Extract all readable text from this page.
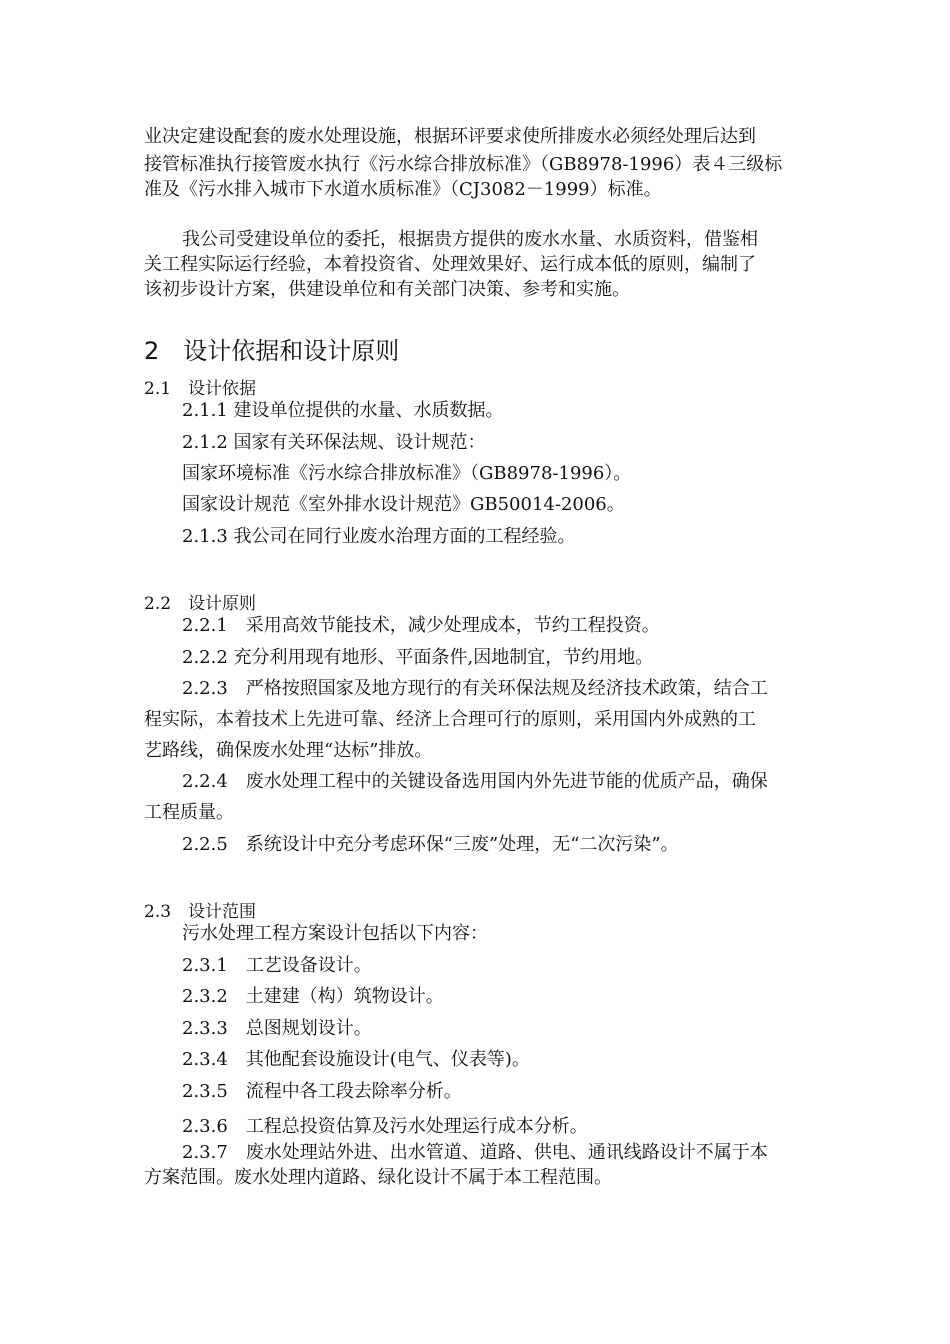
业决定建设配套的废水处理设施，根据环评要求使所排废水必须经处理后达到
接管标准执行接管废水执行《污水综合排放标准》（GB8978-1996）表４三级标
准及《污水排入城市下水道水质标准》（CJ3082－1999）标准。
我公司受建设单位的委托，根据贵方提供的废水水量、水质资料，借鉴相
关工程实际运行经验，本着投资省、处理效果好、运行成本低的原则，编制了
该初步设计方案，供建设单位和有关部门决策、参考和实施。
2　设计依据和设计原则
2.1　设计依据
2.1.1 建设单位提供的水量、水质数据。
2.1.2 国家有关环保法规、设计规范：
国家环境标准《污水综合排放标准》（GB8978-1996）。
国家设计规范《室外排水设计规范》GB50014-2006。
2.1.3 我公司在同行业废水治理方面的工程经验。
2.2　设计原则
2.2.1　采用高效节能技术，减少处理成本，节约工程投资。
2.2.2 充分利用现有地形、平面条件,因地制宜，节约用地。
2.2.3　严格按照国家及地方现行的有关环保法规及经济技术政策，结合工
程实际，本着技术上先进可靠、经济上合理可行的原则，采用国内外成熟的工
艺路线，确保废水处理“达标”排放。
2.2.4　废水处理工程中的关键设备选用国内外先进节能的优质产品，确保
工程质量。
2.2.5　系统设计中充分考虑环保“三废”处理，无“二次污染”。
2.3　设计范围
污水处理工程方案设计包括以下内容：
2.3.1　工艺设备设计。
2.3.2　土建建（构）筑物设计。
2.3.3　总图规划设计。
2.3.4　其他配套设施设计(电气、仪表等)。
2.3.5　流程中各工段去除率分析。
2.3.6　工程总投资估算及污水处理运行成本分析。
2.3.7　废水处理站外进、出水管道、道路、供电、通讯线路设计不属于本
方案范围。废水处理内道路、绿化设计不属于本工程范围。
